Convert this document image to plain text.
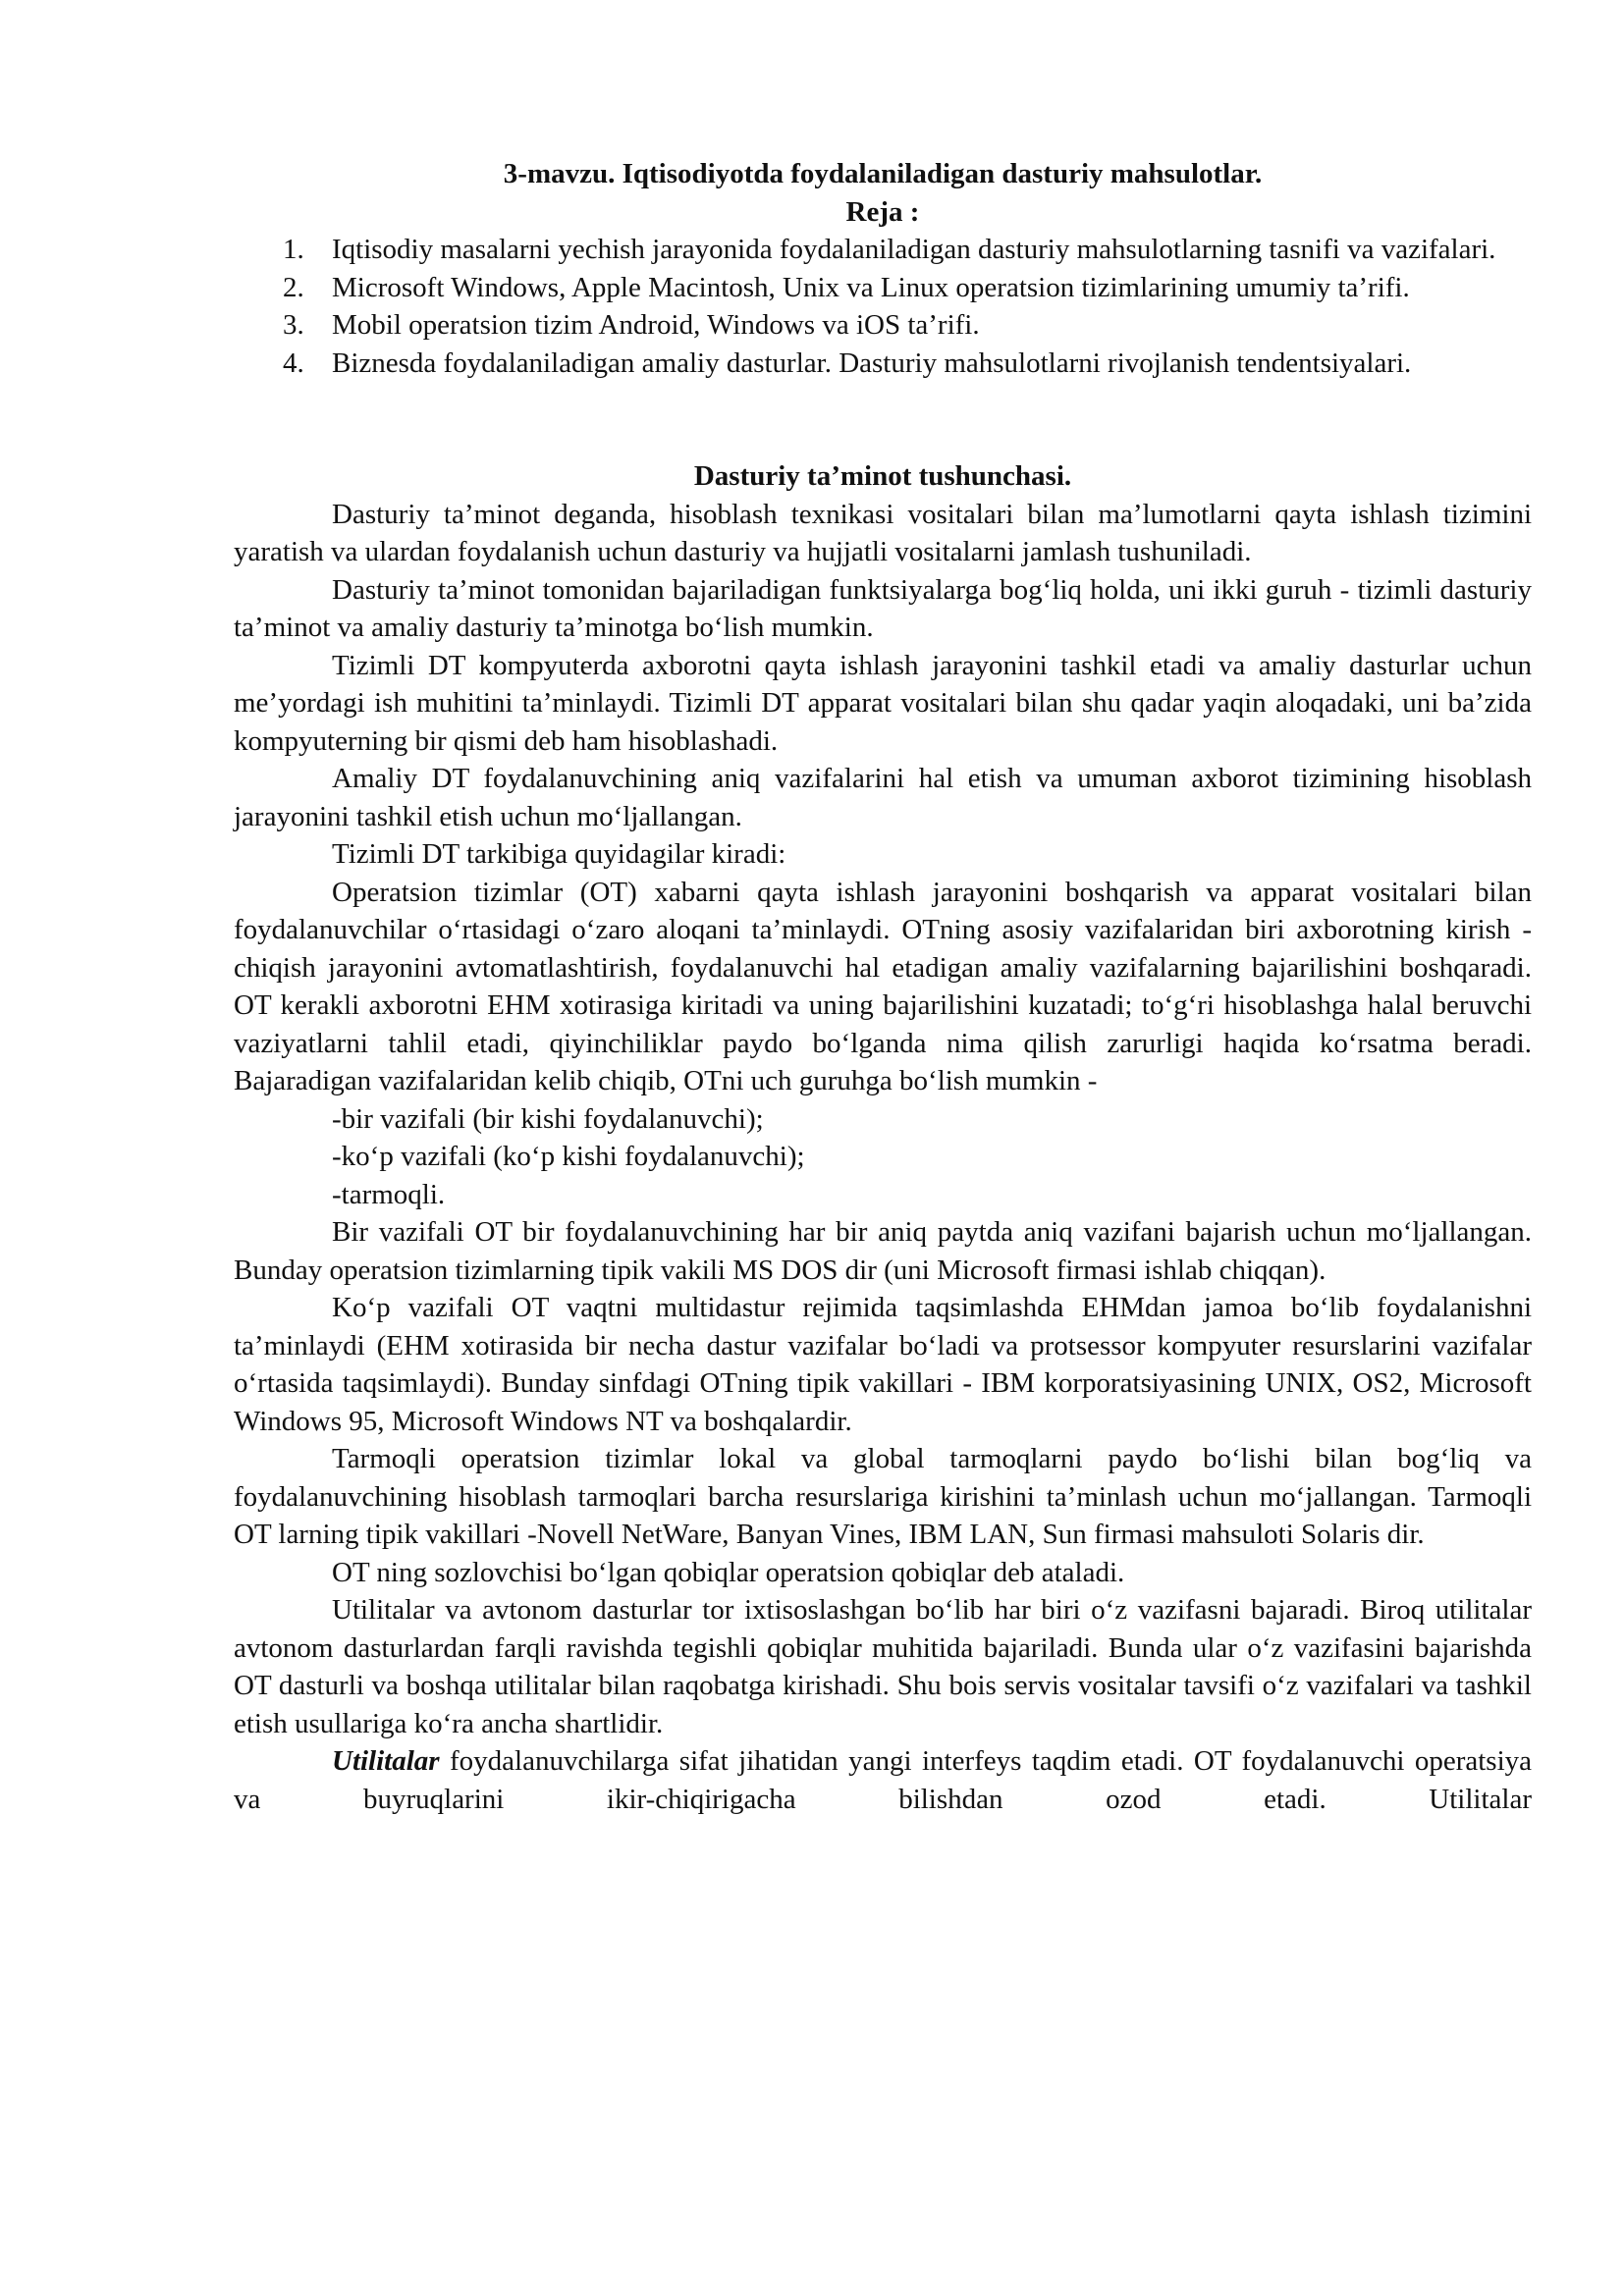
3-mavzu. Iqtisodiyotda foydalaniladigan dasturiy mahsulotlar.
Reja :
1. Iqtisodiy masalarni yechish jarayonida foydalaniladigan dasturiy mahsulotlarning tasnifi va vazifalari.
2. Microsoft Windows, Apple Macintosh, Unix va Linux operatsion tizimlarining umumiy ta’rifi.
3. Mobil operatsion tizim Android, Windows va iOS ta’rifi.
4. Biznesda foydalaniladigan amaliy dasturlar. Dasturiy mahsulotlarni rivojlanish tendentsiyalari.
Dasturiy ta’minot tushunchasi.

Dasturiy ta’minot deganda, hisoblash texnikasi vositalari bilan ma’lumotlarni qayta ishlash tizimini yaratish va ulardan foydalanish uchun dasturiy va hujjatli vositalarni jamlash tushuniladi.

Dasturiy ta’minot tomonidan bajariladigan funktsiyalarga bog‘liq holda, uni ikki guruh - tizimli dasturiy ta’minot va amaliy dasturiy ta’minotga bo‘lish mumkin.

Tizimli DT kompyuterda axborotni qayta ishlash jarayonini tashkil etadi va amaliy dasturlar uchun me’yordagi ish muhitini ta’minlaydi. Tizimli DT apparat vositalari bilan shu qadar yaqin aloqadaki, uni ba’zida kompyuterning bir qismi deb ham hisoblashadi.

Amaliy DT foydalanuvchining aniq vazifalarini hal etish va umuman axborot tizimining hisoblash jarayonini tashkil etish uchun mo‘ljallangan.

Tizimli DT tarkibiga quyidagilar kiradi:

Operatsion tizimlar (OT) xabarni qayta ishlash jarayonini boshqarish va apparat vositalari bilan foydalanuvchilar o‘rtasidagi o‘zaro aloqani ta’minlaydi. OTning asosiy vazifalaridan biri axborotning kirish - chiqish jarayonini avtomatlashtirish, foydalanuvchi hal etadigan amaliy vazifalarning bajarilishini boshqaradi. OT kerakli axborotni EHM xotirasiga kiritadi va uning bajarilishini kuzatadi; to‘g‘ri hisoblashga halal beruvchi vaziyatlarni tahlil etadi, qiyinchiliklar paydo bo‘lganda nima qilish zarurligi haqida ko‘rsatma beradi. Bajaradigan vazifalaridan kelib chiqib, OTni uch guruhga bo‘lish mumkin -

-bir vazifali (bir kishi foydalanuvchi);

-ko‘p vazifali (ko‘p kishi foydalanuvchi);

-tarmoqli.

Bir vazifali OT bir foydalanuvchining har bir aniq paytda aniq vazifani bajarish uchun mo‘ljallangan. Bunday operatsion tizimlarning tipik vakili MS DOS dir (uni Microsoft firmasi ishlab chiqqan).

Ko‘p vazifali OT vaqtni multidastur rejimida taqsimlashda EHMdan jamoa bo‘lib foydalanishni ta’minlaydi (EHM xotirasida bir necha dastur vazifalar bo‘ladi va protsessor kompyuter resurslarini vazifalar o‘rtasida taqsimlaydi). Bunday sinfdagi OTning tipik vakillari - IBM korporatsiyasining UNIX, OS2, Microsoft Windows 95, Microsoft Windows NT va boshqalardir.

Tarmoqli operatsion tizimlar lokal va global tarmoqlarni paydo bo‘lishi bilan bog‘liq va foydalanuvchining hisoblash tarmoqlari barcha resurslariga kirishini ta’minlash uchun mo‘jallangan. Tarmoqli OT larning tipik vakillari -Novell NetWare, Banyan Vines, IBM LAN, Sun firmasi mahsuloti Solaris dir.

OT ning sozlovchisi bo‘lgan qobiqlar operatsion qobiqlar deb ataladi.

Utilitalar va avtonom dasturlar tor ixtisoslashgan bo‘lib har biri o‘z vazifasni bajaradi. Biroq utilitalar avtonom dasturlardan farqli ravishda tegishli qobiqlar muhitida bajariladi. Bunda ular o‘z vazifasini bajarishda OT dasturli va boshqa utilitalar bilan raqobatga kirishadi. Shu bois servis vositalar tavsifi o‘z vazifalari va tashkil etish usullariga ko‘ra ancha shartlidir.

Utilitalar foydalanuvchilarga sifat jihatidan yangi interfeys taqdim etadi. OT foydalanuvchi operatsiya va buyruqlarini ikir-chiqirigacha bilishdan ozod etadi. Utilitalar
